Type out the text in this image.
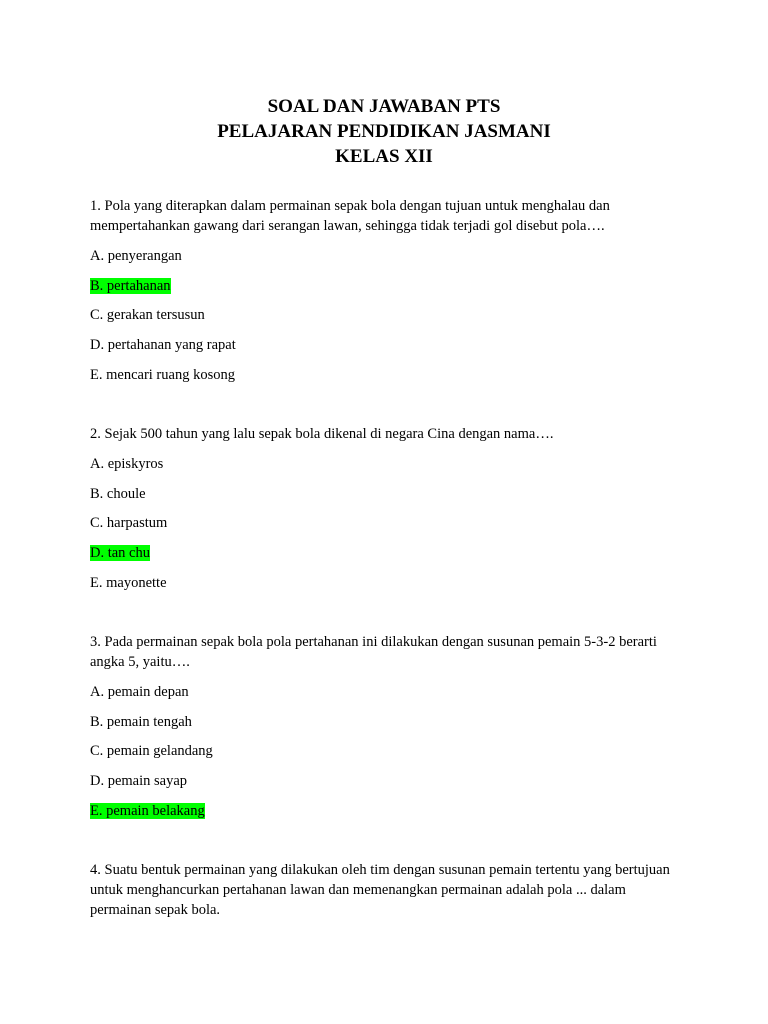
SOAL DAN JAWABAN PTS
PELAJARAN PENDIDIKAN JASMANI
KELAS XII

1. Pola yang diterapkan dalam permainan sepak bola dengan tujuan untuk menghalau dan mempertahankan gawang dari serangan lawan, sehingga tidak terjadi gol disebut pola….

A. penyerangan
B. pertahanan
C. gerakan tersusun
D. pertahanan yang rapat
E. mencari ruang kosong

2. Sejak 500 tahun yang lalu sepak bola dikenal di negara Cina dengan nama….

A. episkyros
B. choule
C. harpastum
D. tan chu
E. mayonette

3. Pada permainan sepak bola pola pertahanan ini dilakukan dengan susunan pemain 5-3-2 berarti angka 5, yaitu….

A. pemain depan
B. pemain tengah
C. pemain gelandang
D. pemain sayap
E. pemain belakang

4. Suatu bentuk permainan yang dilakukan oleh tim dengan susunan pemain tertentu yang bertujuan untuk menghancurkan pertahanan lawan dan memenangkan permainan adalah pola ... dalam permainan sepak bola.
